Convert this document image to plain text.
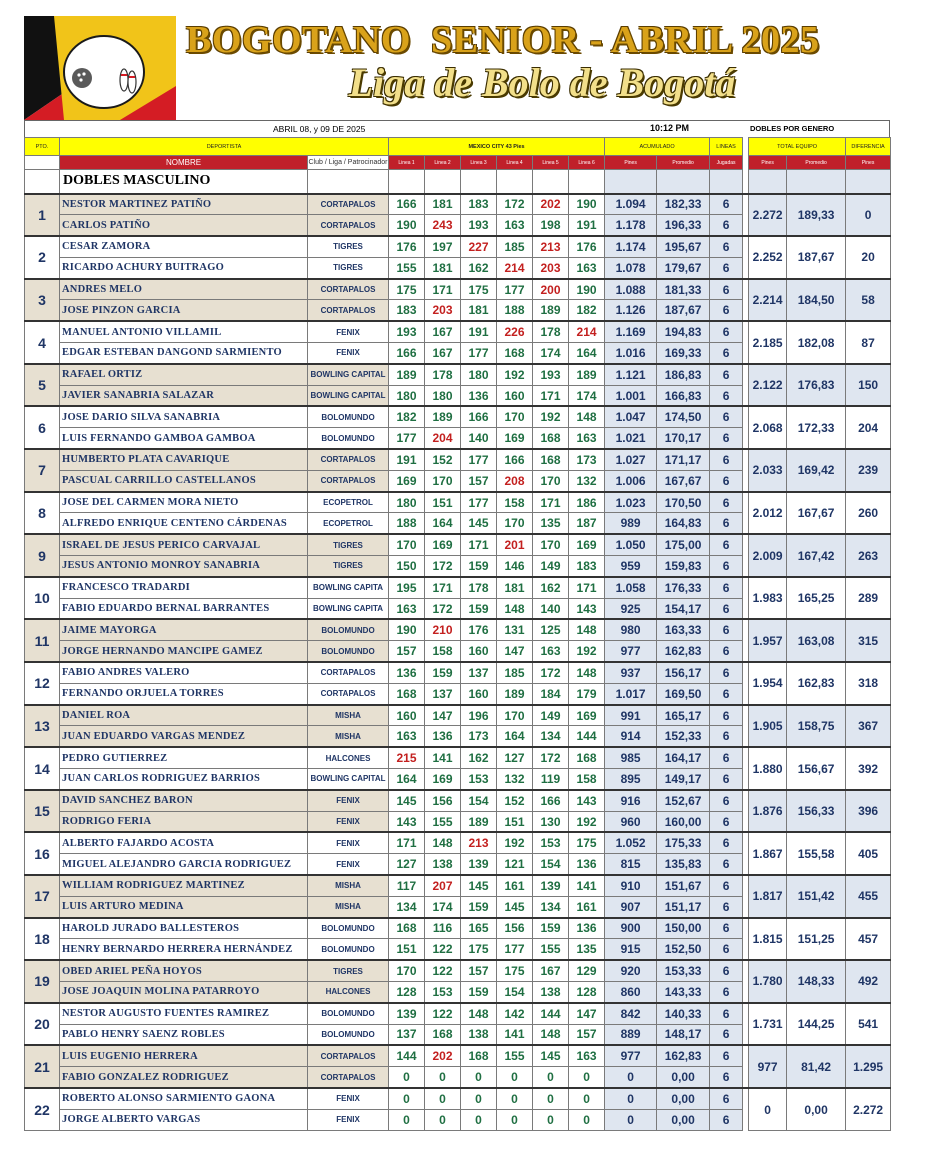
BOGOTANO  SENIOR - ABRIL 2025
Liga de Bolo de Bogotá
ABRIL 08, y 09 DE 2025	10:12 PM	DOBLES POR GENERO
PTO.	DEPORTISTA		MEXICO CITY 43 Pies						ACUMULADO		LINEAS		TOTAL EQUIPO		DIFERENCIA
	NOMBRE	Club / Liga / Patrocinador	Linea 1	Linea 2	Linea 3	Linea 4	Linea 5	Linea 6	Pines	Promedio	Jugadas		Pines	Promedio	Pines
	DOBLES MASCULINO														
1	NESTOR MARTINEZ PATIÑO	CORTAPALOS	166	181	183	172	202	190	1.094	182,33	6		2.272	189,33	0
	CARLOS PATIÑO	CORTAPALOS	190	243	193	163	198	191	1.178	196,33	6				
2	CESAR ZAMORA	TIGRES	176	197	227	185	213	176	1.174	195,67	6		2.252	187,67	20
	RICARDO ACHURY BUITRAGO	TIGRES	155	181	162	214	203	163	1.078	179,67	6				
3	ANDRES MELO	CORTAPALOS	175	171	175	177	200	190	1.088	181,33	6		2.214	184,50	58
	JOSE PINZON GARCIA	CORTAPALOS	183	203	181	188	189	182	1.126	187,67	6				
4	MANUEL ANTONIO VILLAMIL	FENIX	193	167	191	226	178	214	1.169	194,83	6		2.185	182,08	87
	EDGAR ESTEBAN DANGOND SARMIENTO	FENIX	166	167	177	168	174	164	1.016	169,33	6				
5	RAFAEL ORTIZ	BOWLING CAPITAL	189	178	180	192	193	189	1.121	186,83	6		2.122	176,83	150
	JAVIER SANABRIA SALAZAR	BOWLING CAPITAL	180	180	136	160	171	174	1.001	166,83	6				
6	JOSE DARIO SILVA SANABRIA	BOLOMUNDO	182	189	166	170	192	148	1.047	174,50	6		2.068	172,33	204
	LUIS FERNANDO GAMBOA GAMBOA	BOLOMUNDO	177	204	140	169	168	163	1.021	170,17	6				
7	HUMBERTO PLATA CAVARIQUE	CORTAPALOS	191	152	177	166	168	173	1.027	171,17	6		2.033	169,42	239
	PASCUAL CARRILLO CASTELLANOS	CORTAPALOS	169	170	157	208	170	132	1.006	167,67	6				
8	JOSE DEL CARMEN MORA NIETO	ECOPETROL	180	151	177	158	171	186	1.023	170,50	6		2.012	167,67	260
	ALFREDO ENRIQUE CENTENO CÁRDENAS	ECOPETROL	188	164	145	170	135	187	989	164,83	6				
9	ISRAEL DE JESUS PERICO CARVAJAL	TIGRES	170	169	171	201	170	169	1.050	175,00	6		2.009	167,42	263
	JESUS ANTONIO MONROY SANABRIA	TIGRES	150	172	159	146	149	183	959	159,83	6				
10	FRANCESCO TRADARDI	BOWLING CAPITA	195	171	178	181	162	171	1.058	176,33	6		1.983	165,25	289
	FABIO EDUARDO BERNAL BARRANTES	BOWLING CAPITA	163	172	159	148	140	143	925	154,17	6				
11	JAIME MAYORGA	BOLOMUNDO	190	210	176	131	125	148	980	163,33	6		1.957	163,08	315
	JORGE HERNANDO MANCIPE GAMEZ	BOLOMUNDO	157	158	160	147	163	192	977	162,83	6				
12	FABIO ANDRES VALERO	CORTAPALOS	136	159	137	185	172	148	937	156,17	6		1.954	162,83	318
	FERNANDO ORJUELA TORRES	CORTAPALOS	168	137	160	189	184	179	1.017	169,50	6				
13	DANIEL ROA	MISHA	160	147	196	170	149	169	991	165,17	6		1.905	158,75	367
	JUAN EDUARDO VARGAS MENDEZ	MISHA	163	136	173	164	134	144	914	152,33	6				
14	PEDRO GUTIERREZ	HALCONES	215	141	162	127	172	168	985	164,17	6		1.880	156,67	392
	JUAN CARLOS RODRIGUEZ BARRIOS	BOWLING CAPITAL	164	169	153	132	119	158	895	149,17	6				
15	DAVID SANCHEZ BARON	FENIX	145	156	154	152	166	143	916	152,67	6		1.876	156,33	396
	RODRIGO FERIA	FENIX	143	155	189	151	130	192	960	160,00	6				
16	ALBERTO FAJARDO ACOSTA	FENIX	171	148	213	192	153	175	1.052	175,33	6		1.867	155,58	405
	MIGUEL ALEJANDRO GARCIA RODRIGUEZ	FENIX	127	138	139	121	154	136	815	135,83	6				
17	WILLIAM RODRIGUEZ MARTINEZ	MISHA	117	207	145	161	139	141	910	151,67	6		1.817	151,42	455
	LUIS ARTURO MEDINA	MISHA	134	174	159	145	134	161	907	151,17	6				
18	HAROLD JURADO BALLESTEROS	BOLOMUNDO	168	116	165	156	159	136	900	150,00	6		1.815	151,25	457
	HENRY BERNARDO HERRERA HERNÁNDEZ	BOLOMUNDO	151	122	175	177	155	135	915	152,50	6				
19	OBED ARIEL PEÑA HOYOS	TIGRES	170	122	157	175	167	129	920	153,33	6		1.780	148,33	492
	JOSE JOAQUIN MOLINA PATARROYO	HALCONES	128	153	159	154	138	128	860	143,33	6				
20	NESTOR AUGUSTO FUENTES RAMIREZ	BOLOMUNDO	139	122	148	142	144	147	842	140,33	6		1.731	144,25	541
	PABLO HENRY SAENZ ROBLES	BOLOMUNDO	137	168	138	141	148	157	889	148,17	6				
21	LUIS EUGENIO HERRERA	CORTAPALOS	144	202	168	155	145	163	977	162,83	6		977	81,42	1.295
	FABIO GONZALEZ RODRIGUEZ	CORTAPALOS	0	0	0	0	0	0	0	0,00	6				
22	ROBERTO ALONSO SARMIENTO GAONA	FENIX	0	0	0	0	0	0	0	0,00	6		0	0,00	2.272
	JORGE ALBERTO VARGAS	FENIX	0	0	0	0	0	0	0	0,00	6				
